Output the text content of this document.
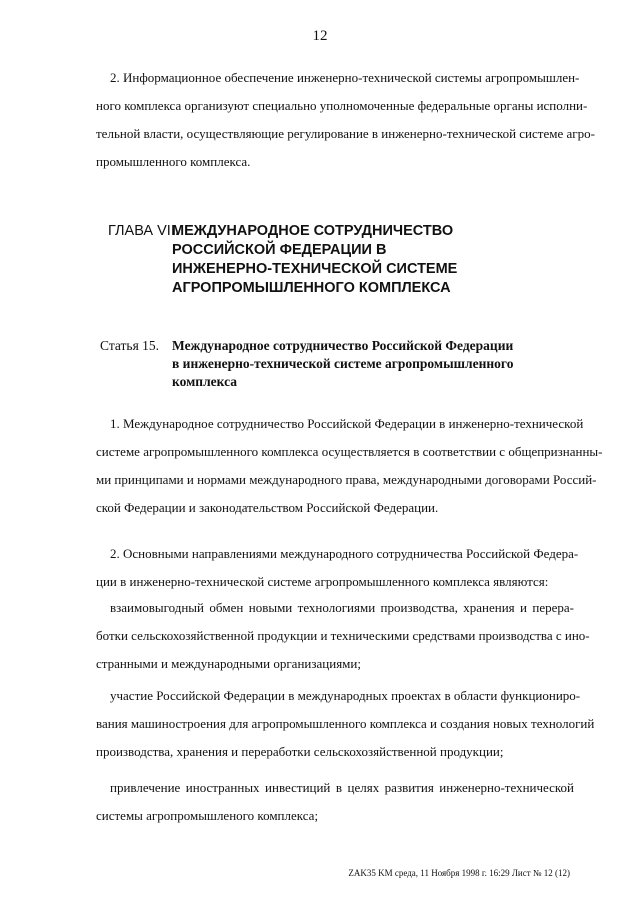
12

2. Информационное обеспечение инженерно-технической системы агропромышлен-
ного комплекса организуют специально уполномоченные федеральные органы исполни-
тельной власти, осуществляющие регулирование в инженерно-технической системе агро-
промышленного комплекса.

ГЛАВА VII.
МЕЖДУНАРОДНОЕ СОТРУДНИЧЕСТВО
РОССИЙСКОЙ ФЕДЕРАЦИИ В
ИНЖЕНЕРНО-ТЕХНИЧЕСКОЙ СИСТЕМЕ
АГРОПРОМЫШЛЕННОГО КОМПЛЕКСА
Статья 15. Международное сотрудничество Российской Федерации
в инженерно-технической системе агропромышленного
комплекса

1. Международное сотрудничество Российской Федерации в инженерно-технической
системе агропромышленного комплекса осуществляется в соответствии с общепризнанны-
ми принципами и нормами международного права, международными договорами Россий-
ской Федерации и законодательством Российской Федерации.

2. Основными направлениями международного сотрудничества Российской Федера-
ции в инженерно-технической системе агропромышленного комплекса являются:

взаимовыгодный обмен новыми технологиями производства, хранения и перера-
ботки сельскохозяйственной продукции и техническими средствами производства с ино-
странными и международными организациями;

участие Российской Федерации в международных проектах в области функциониро-
вания машиностроения для агропромышленного комплекса и создания новых технологий
производства, хранения и переработки сельскохозяйственной продукции;

привлечение иностранных инвестиций в целях развития инженерно-технической
системы агропромышленого комплекса;

ZAK35 KM среда, 11 Ноября 1998 г. 16:29 Лист № 12 (12)
